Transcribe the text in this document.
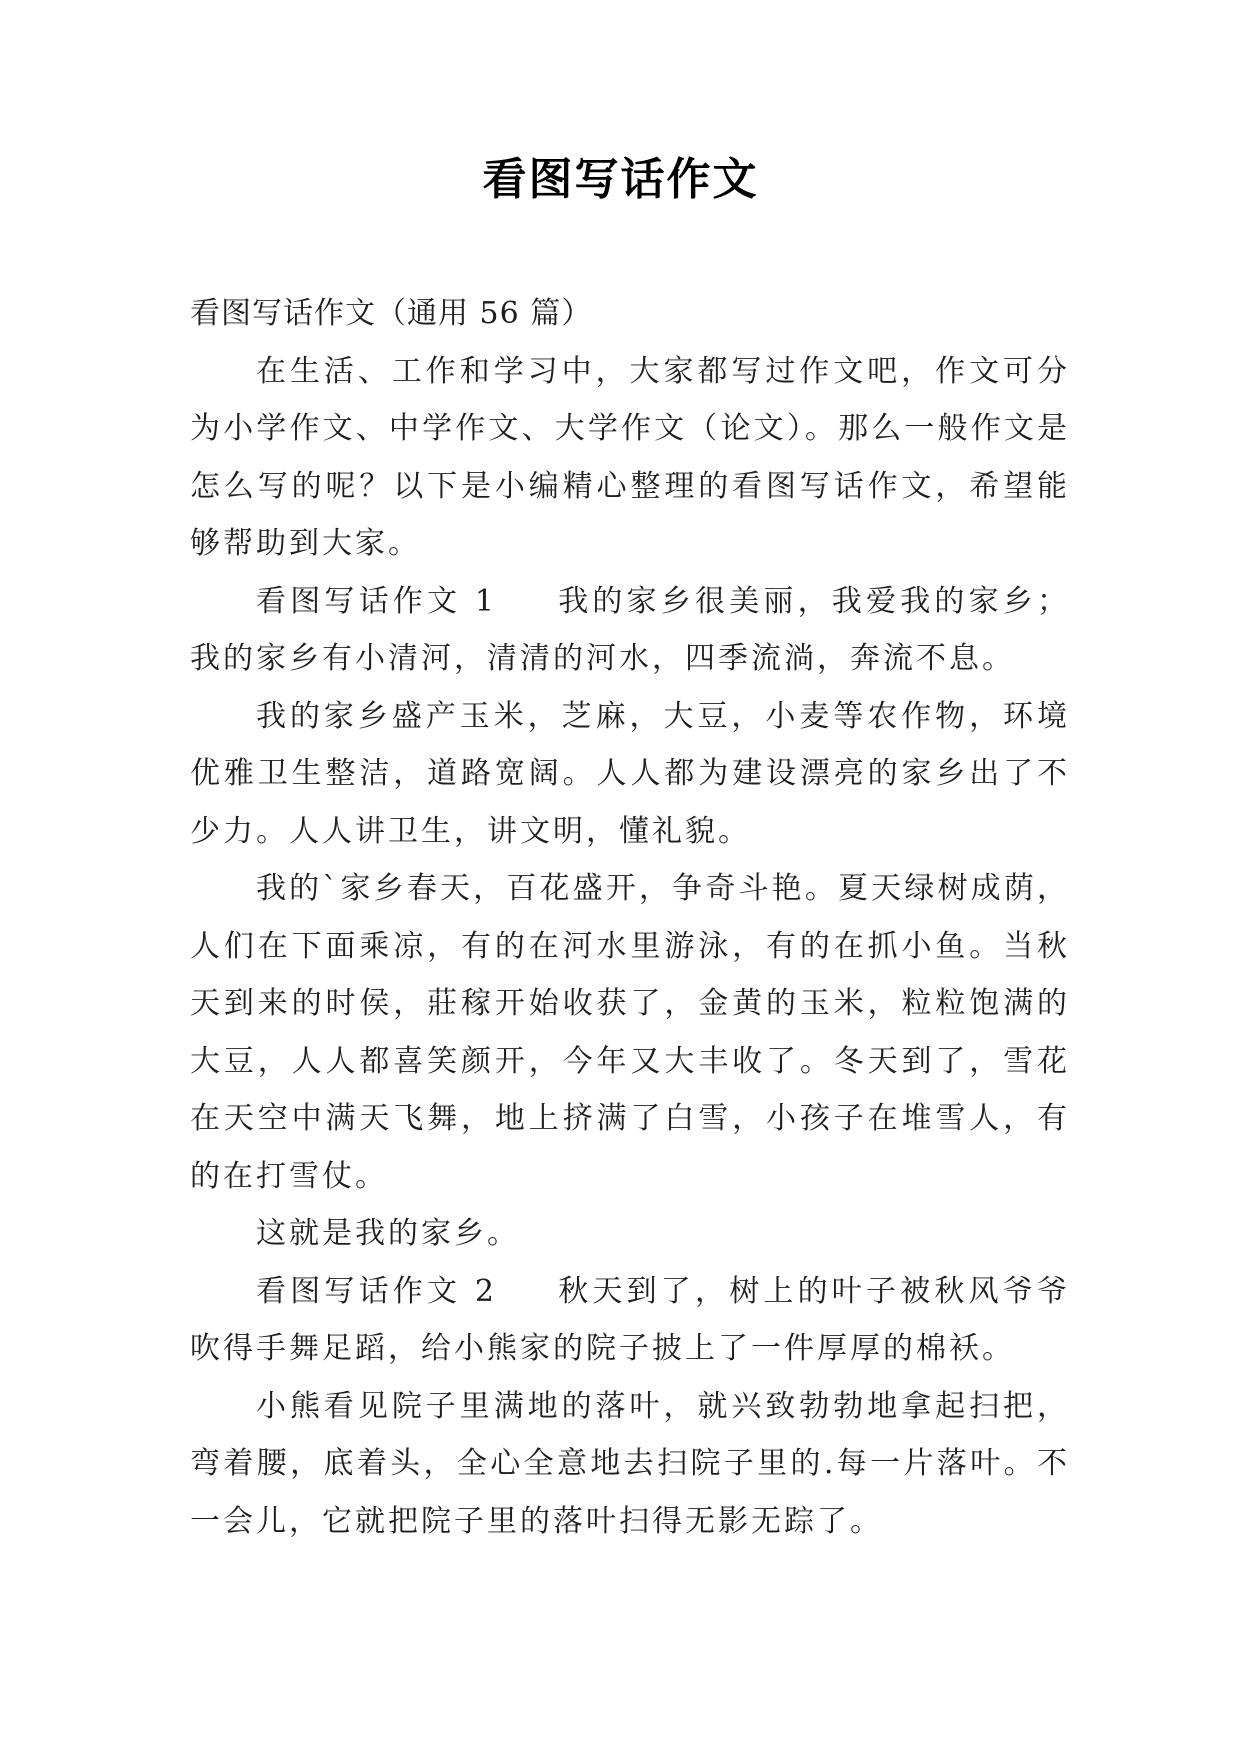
看图写话作文

看图写话作文（通用 56 篇）

在生活、工作和学习中，大家都写过作文吧，作文可分为小学作文、中学作文、大学作文（论文）。那么一般作文是怎么写的呢？以下是小编精心整理的看图写话作文，希望能够帮助到大家。

看图写话作文 1 我的家乡很美丽，我爱我的家乡；我的家乡有小清河，清清的河水，四季流淌，奔流不息。

我的家乡盛产玉米，芝麻，大豆，小麦等农作物，环境优雅卫生整洁，道路宽阔。人人都为建设漂亮的家乡出了不少力。人人讲卫生，讲文明，懂礼貌。

我的`家乡春天，百花盛开，争奇斗艳。夏天绿树成荫，人们在下面乘凉，有的在河水里游泳，有的在抓小鱼。当秋天到来的时侯，莊稼开始收获了，金黄的玉米，粒粒饱满的大豆，人人都喜笑颜开，今年又大丰收了。冬天到了，雪花在天空中满天飞舞，地上挤满了白雪，小孩子在堆雪人，有的在打雪仗。

这就是我的家乡。

看图写话作文 2 秋天到了，树上的叶子被秋风爷爷吹得手舞足蹈，给小熊家的院子披上了一件厚厚的棉袄。

小熊看见院子里满地的落叶，就兴致勃勃地拿起扫把，弯着腰，底着头，全心全意地去扫院子里的.每一片落叶。不一会儿，它就把院子里的落叶扫得无影无踪了。
